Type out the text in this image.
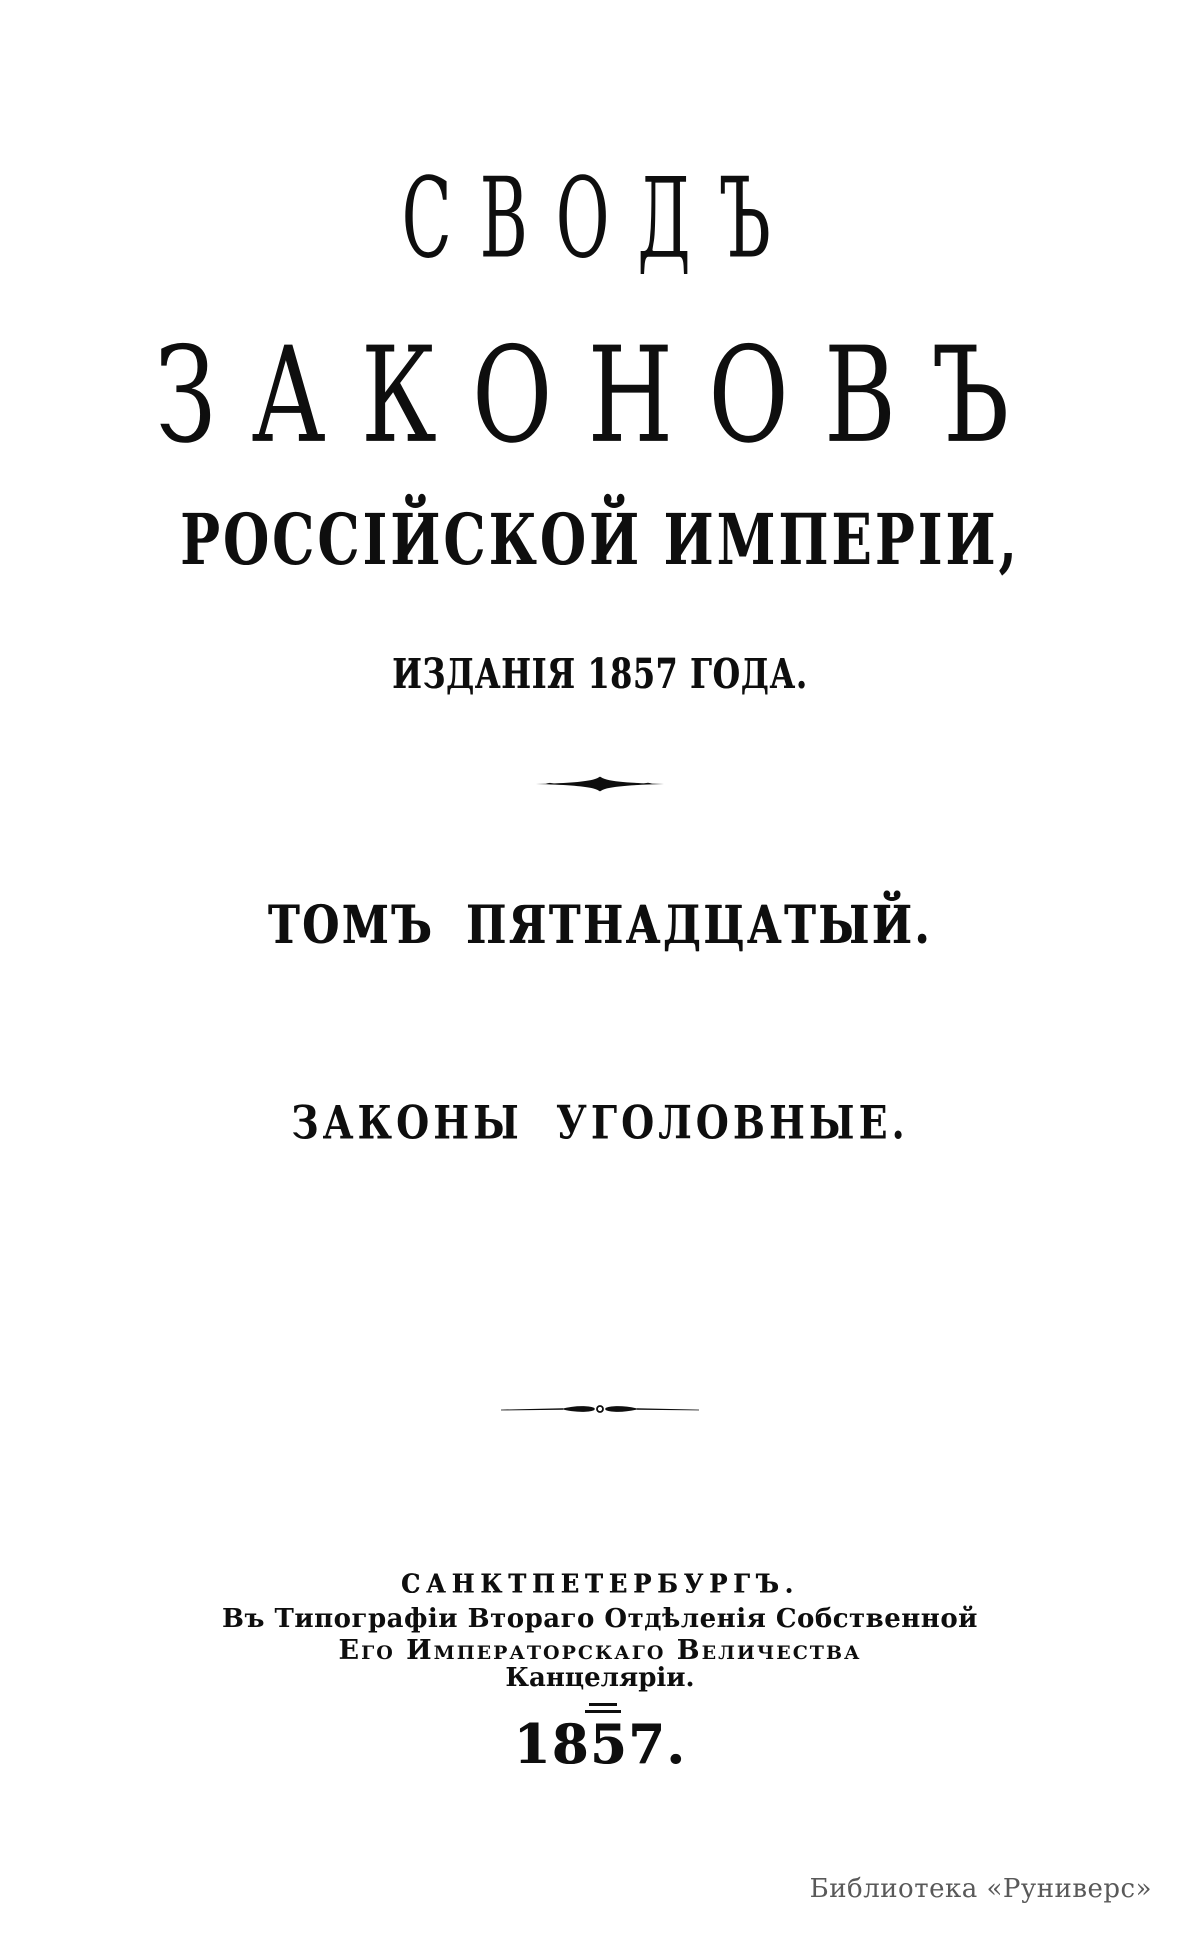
СВОДЪ
ЗАКОНОВЪ
РОССІЙСКОЙ ИМПЕРІИ,
ИЗДАНІЯ 1857 ГОДА.
ТОМЪ ПЯТНАДЦАТЫЙ.
ЗАКОНЫ УГОЛОВНЫЕ.
САНКТПЕТЕРБУРГЪ.
Въ Типографіи Втораго Отдѣленія Собственной
Его Императорскаго Величества
Канцеляріи.
1857.
Библиотека «Руниверс»
